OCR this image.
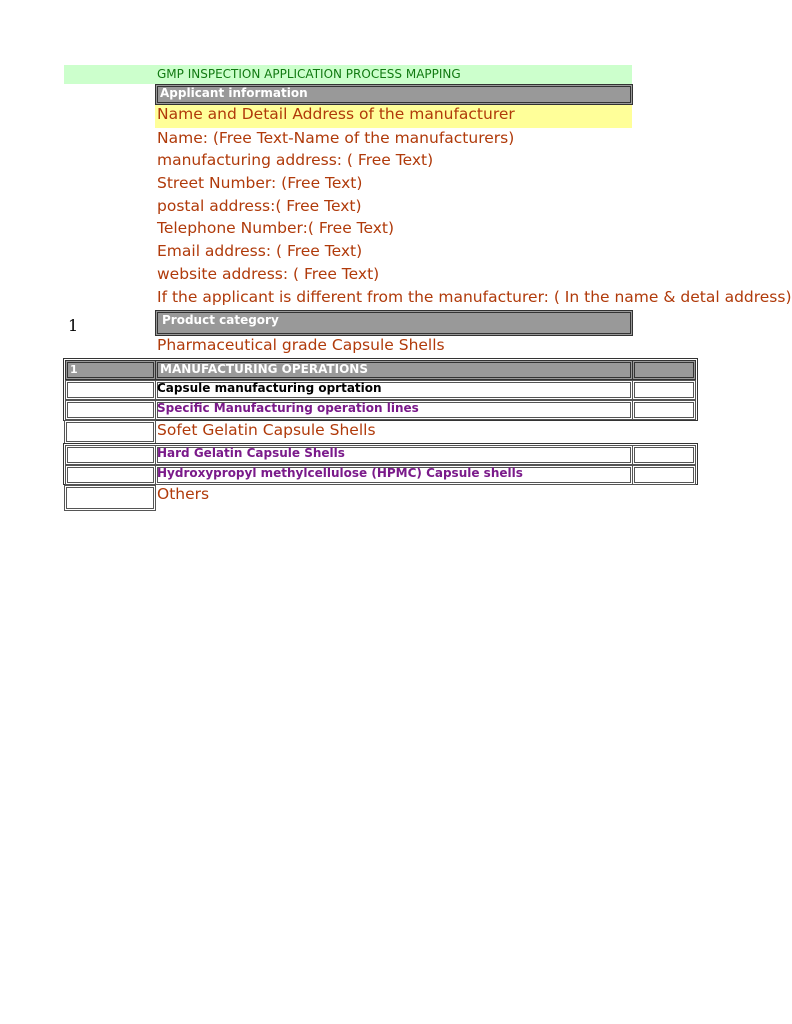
GMP INSPECTION APPLICATION PROCESS MAPPING
Applicant information
Name and Detail Address of the manufacturer
Name: (Free Text-Name of the manufacturers)
manufacturing address: ( Free Text)
Street Number: (Free Text)
postal address:( Free Text)
Telephone Number:( Free Text)
Email address: ( Free Text)
website address: ( Free Text)
If the applicant is different from the manufacturer: ( In the name & detal address)
1	Product category
Pharmaceutical grade Capsule Shells
1	MANUFACTURING OPERATIONS
Capsule manufacturing oprtation
Specific Manufacturing operation lines
Sofet Gelatin Capsule Shells
Hard Gelatin Capsule Shells
Hydroxypropyl methylcellulose (HPMC) Capsule shells
Others
